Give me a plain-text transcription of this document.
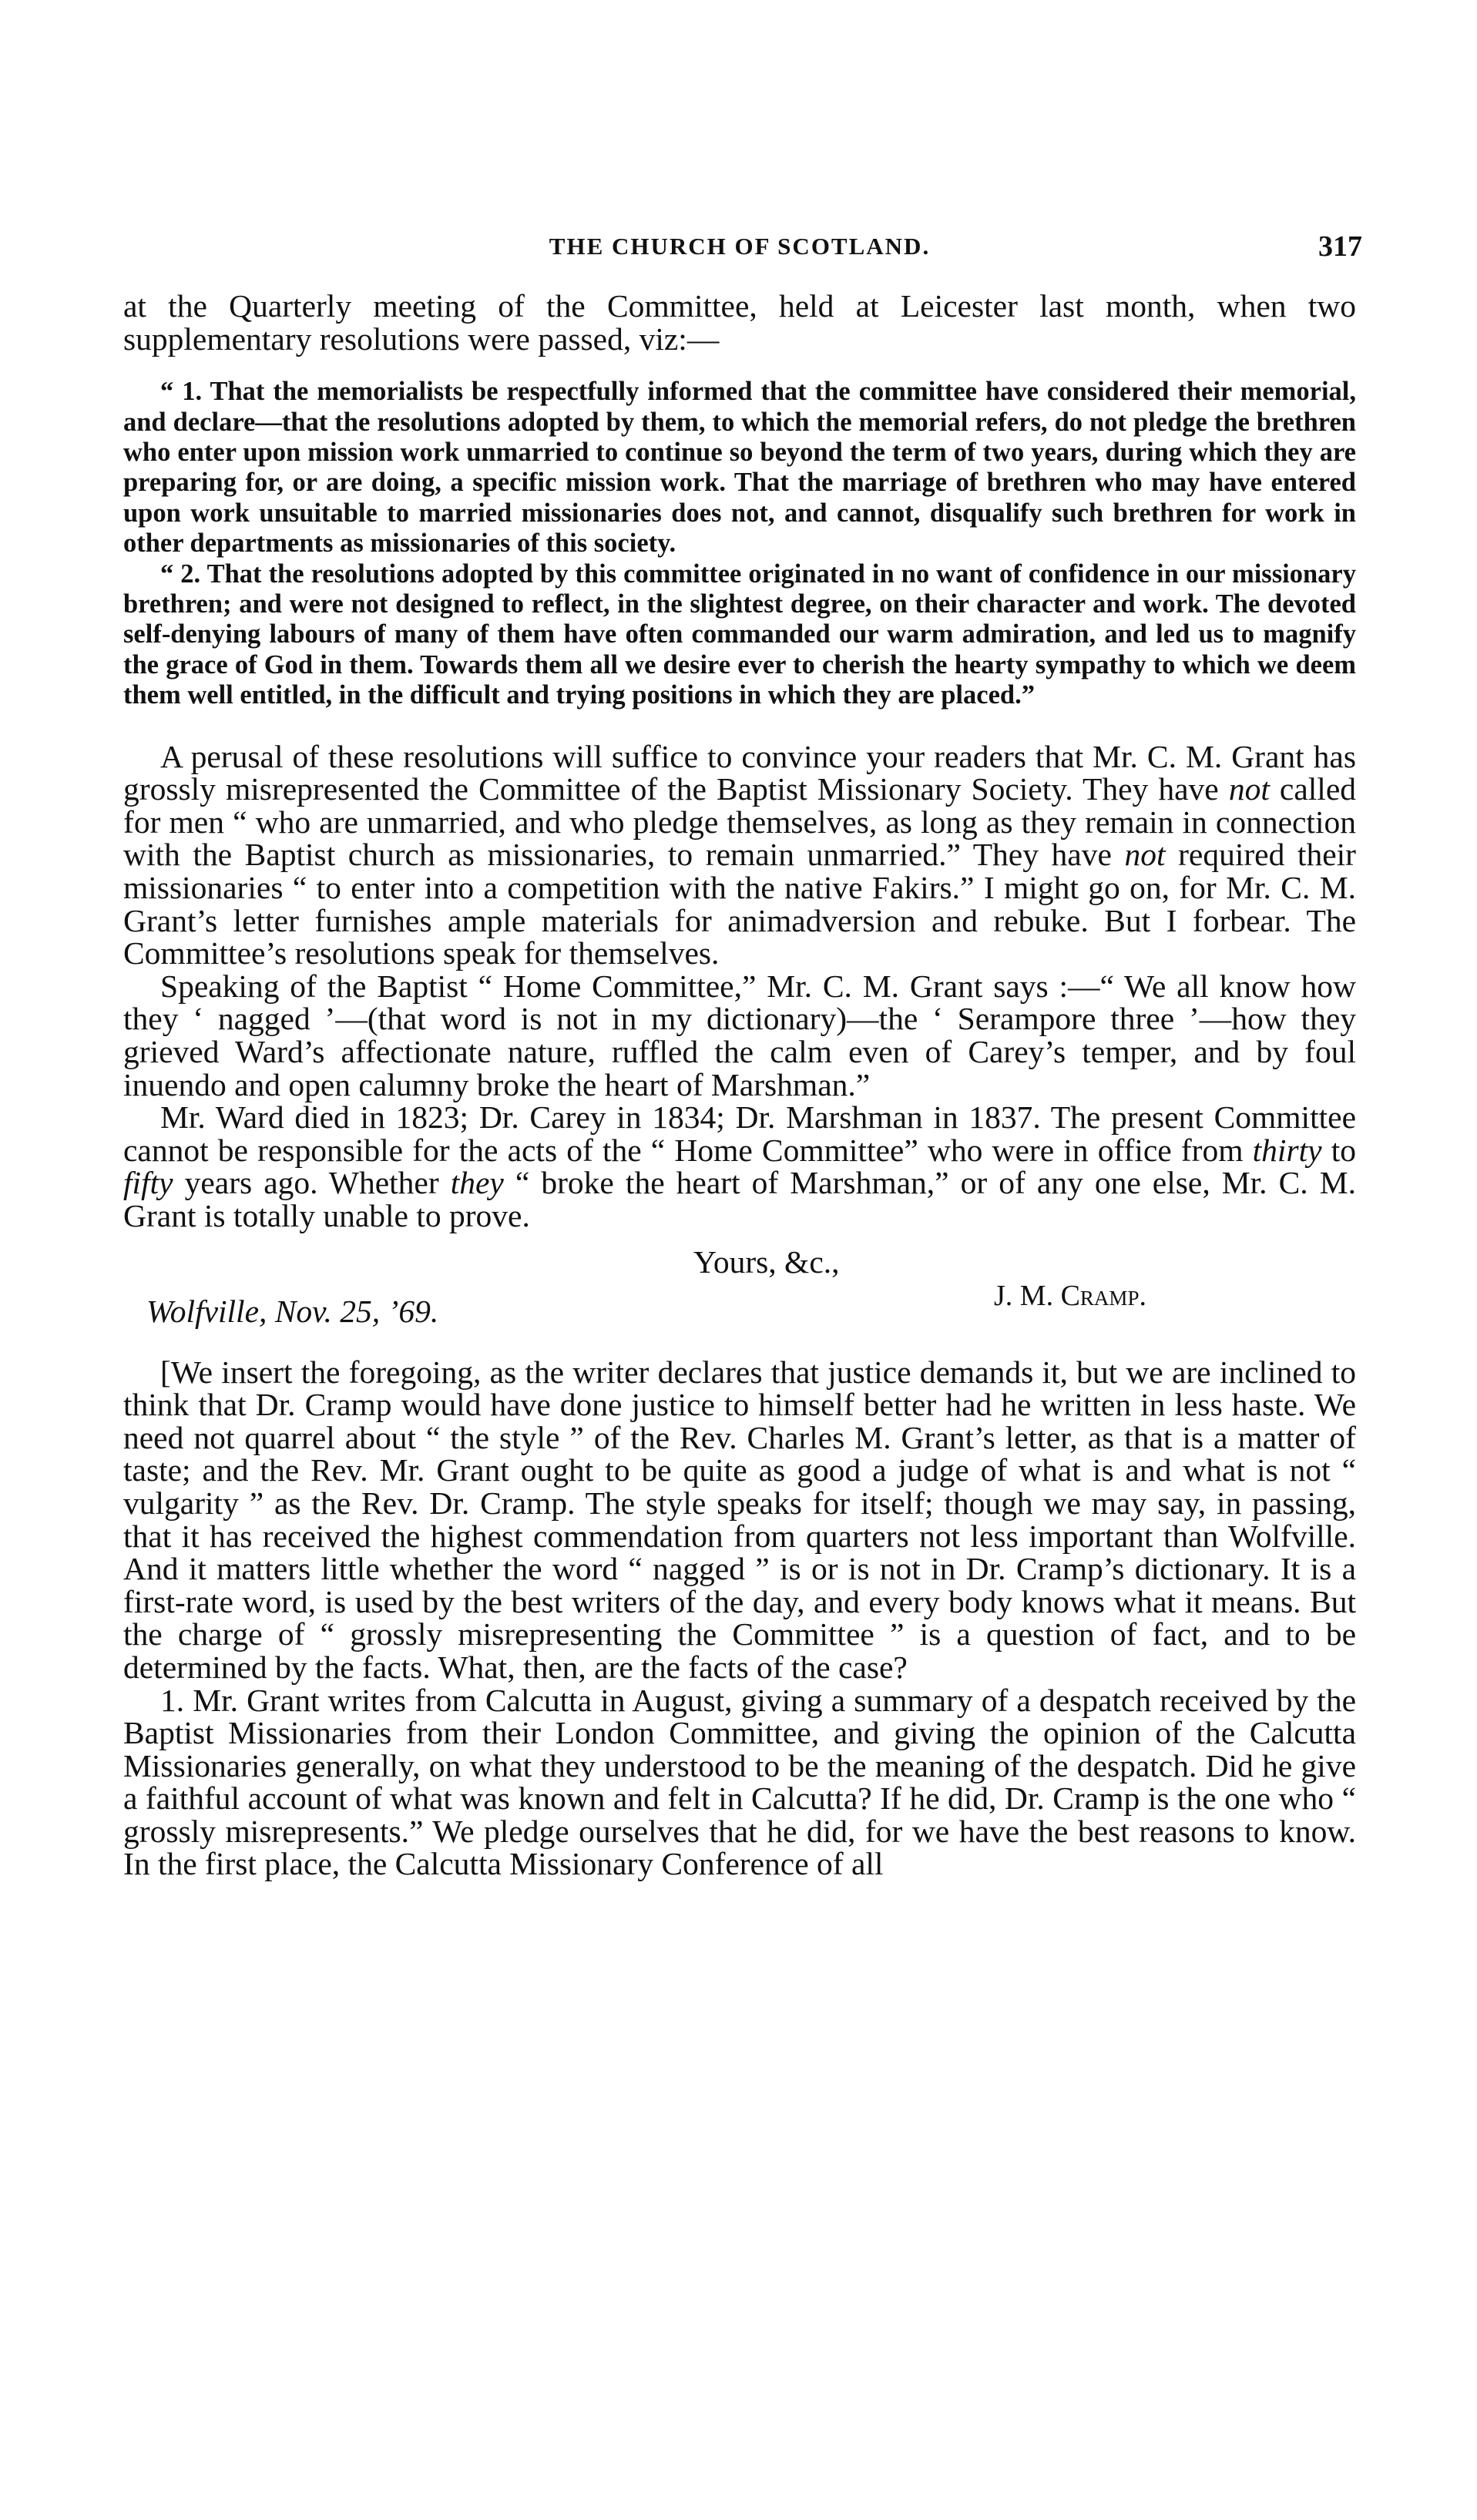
THE CHURCH OF SCOTLAND.	317

at the Quarterly meeting of the Committee, held at Leicester last month, when two supplementary resolutions were passed, viz:—

“ 1. That the memorialists be respectfully informed that the committee have considered their memorial, and declare—that the resolutions adopted by them, to which the memorial refers, do not pledge the brethren who enter upon mission work unmarried to continue so beyond the term of two years, during which they are preparing for, or are doing, a specific mission work. That the marriage of brethren who may have entered upon work unsuitable to married missionaries does not, and cannot, disqualify such brethren for work in other departments as missionaries of this society.

“ 2. That the resolutions adopted by this committee originated in no want of confidence in our missionary brethren; and were not designed to reflect, in the slightest degree, on their character and work. The devoted self-denying labours of many of them have often commanded our warm admiration, and led us to magnify the grace of God in them. Towards them all we desire ever to cherish the hearty sympathy to which we deem them well entitled, in the difficult and trying positions in which they are placed.”

A perusal of these resolutions will suffice to convince your readers that Mr. C. M. Grant has grossly misrepresented the Committee of the Baptist Missionary Society. They have not called for men “ who are unmarried, and who pledge themselves, as long as they remain in connection with the Baptist church as missionaries, to remain unmarried.” They have not required their missionaries “ to enter into a competition with the native Fakirs.” I might go on, for Mr. C. M. Grant’s letter furnishes ample materials for animadversion and rebuke. But I forbear. The Committee’s resolutions speak for themselves.

Speaking of the Baptist “ Home Committee,” Mr. C. M. Grant says :—“ We all know how they ‘ nagged ’—(that word is not in my dictionary)—the ‘ Serampore three ’—how they grieved Ward’s affectionate nature, ruffled the calm even of Carey’s temper, and by foul inuendo and open calumny broke the heart of Marshman.”

Mr. Ward died in 1823; Dr. Carey in 1834; Dr. Marshman in 1837. The present Committee cannot be responsible for the acts of the “ Home Committee” who were in office from thirty to fifty years ago. Whether they “ broke the heart of Marshman,” or of any one else, Mr. C. M. Grant is totally unable to prove.

Yours, &c.,

Wolfville, Nov. 25, ’69.	J. M. Cramp.

[We insert the foregoing, as the writer declares that justice demands it, but we are inclined to think that Dr. Cramp would have done justice to himself better had he written in less haste. We need not quarrel about “ the style ” of the Rev. Charles M. Grant’s letter, as that is a matter of taste; and the Rev. Mr. Grant ought to be quite as good a judge of what is and what is not “ vulgarity ” as the Rev. Dr. Cramp. The style speaks for itself; though we may say, in passing, that it has received the highest commendation from quarters not less important than Wolfville. And it matters little whether the word “ nagged ” is or is not in Dr. Cramp’s dictionary. It is a first-rate word, is used by the best writers of the day, and every body knows what it means. But the charge of “ grossly misrepresenting the Committee ” is a question of fact, and to be determined by the facts. What, then, are the facts of the case?

1. Mr. Grant writes from Calcutta in August, giving a summary of a despatch received by the Baptist Missionaries from their London Committee, and giving the opinion of the Calcutta Missionaries generally, on what they understood to be the meaning of the despatch. Did he give a faithful account of what was known and felt in Calcutta? If he did, Dr. Cramp is the one who “ grossly misrepresents.” We pledge ourselves that he did, for we have the best reasons to know. In the first place, the Calcutta Missionary Conference of all
